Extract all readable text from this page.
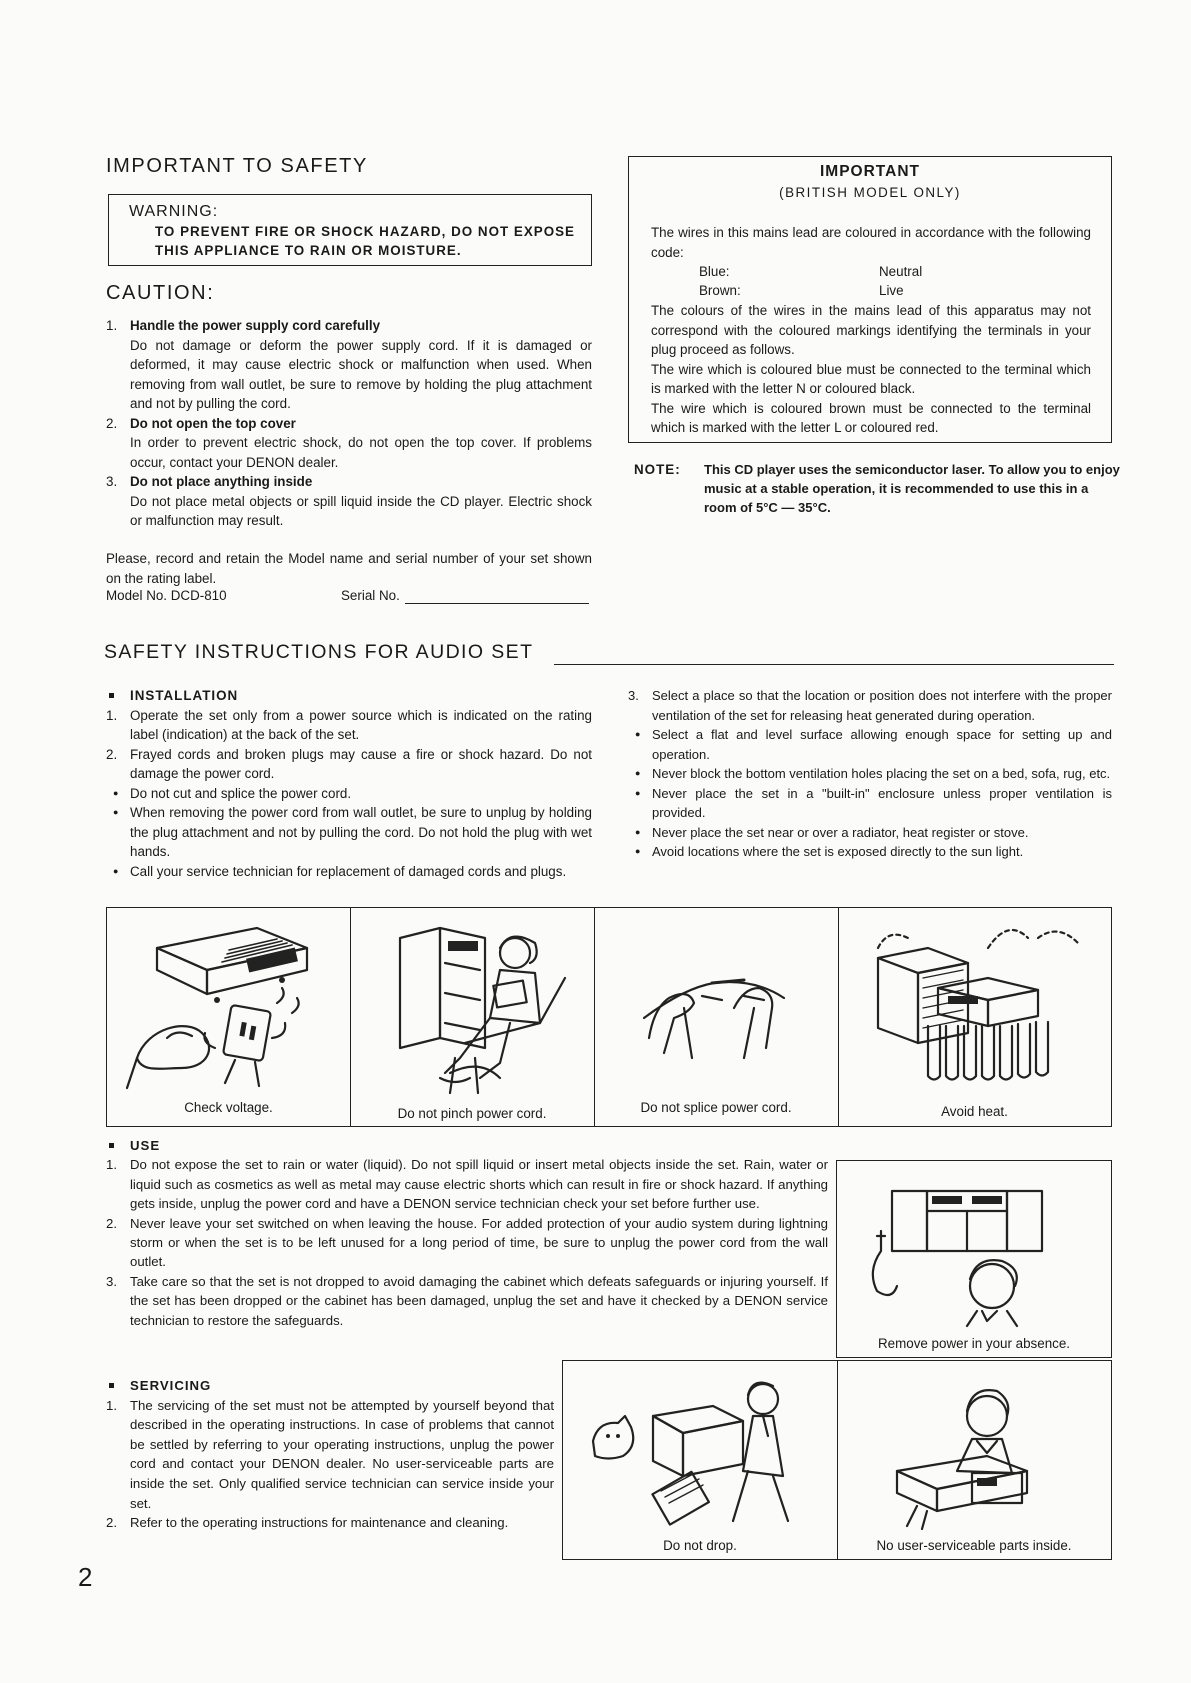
IMPORTANT TO SAFETY
WARNING:
TO PREVENT FIRE OR SHOCK HAZARD, DO NOT EXPOSE THIS APPLIANCE TO RAIN OR MOISTURE.
CAUTION:
1. Handle the power supply cord carefully
Do not damage or deform the power supply cord. If it is damaged or deformed, it may cause electric shock or malfunction when used. When removing from wall outlet, be sure to remove by holding the plug attachment and not by pulling the cord.
2. Do not open the top cover
In order to prevent electric shock, do not open the top cover. If problems occur, contact your DENON dealer.
3. Do not place anything inside
Do not place metal objects or spill liquid inside the CD player. Electric shock or malfunction may result.
Please, record and retain the Model name and serial number of your set shown on the rating label.
Model No. DCD-810	Serial No.
IMPORTANT
(BRITISH MODEL ONLY)
The wires in this mains lead are coloured in accordance with the following code:
Blue:	Neutral
Brown:	Live
The colours of the wires in the mains lead of this apparatus may not correspond with the coloured markings identifying the terminals in your plug proceed as follows.
The wire which is coloured blue must be connected to the terminal which is marked with the letter N or coloured black.
The wire which is coloured brown must be connected to the terminal which is marked with the letter L or coloured red.
NOTE: This CD player uses the semiconductor laser. To allow you to enjoy music at a stable operation, it is recommended to use this in a room of 5°C — 35°C.
SAFETY INSTRUCTIONS FOR AUDIO SET
INSTALLATION
1. Operate the set only from a power source which is indicated on the rating label (indication) at the back of the set.
2. Frayed cords and broken plugs may cause a fire or shock hazard. Do not damage the power cord.
● Do not cut and splice the power cord.
● When removing the power cord from wall outlet, be sure to unplug by holding the plug attachment and not by pulling the cord. Do not hold the plug with wet hands.
● Call your service technician for replacement of damaged cords and plugs.
3. Select a place so that the location or position does not interfere with the proper ventilation of the set for releasing heat generated during operation.
● Select a flat and level surface allowing enough space for setting up and operation.
● Never block the bottom ventilation holes placing the set on a bed, sofa, rug, etc.
● Never place the set in a "built-in" enclosure unless proper ventilation is provided.
● Never place the set near or over a radiator, heat register or stove.
● Avoid locations where the set is exposed directly to the sun light.
Check voltage.	Do not pinch power cord.	Do not splice power cord.	Avoid heat.
USE
1. Do not expose the set to rain or water (liquid). Do not spill liquid or insert metal objects inside the set. Rain, water or liquid such as cosmetics as well as metal may cause electric shorts which can result in fire or shock hazard. If anything gets inside, unplug the power cord and have a DENON service technician check your set before further use.
2. Never leave your set switched on when leaving the house. For added protection of your audio system during lightning storm or when the set is to be left unused for a long period of time, be sure to unplug the power cord from the wall outlet.
3. Take care so that the set is not dropped to avoid damaging the cabinet which defeats safeguards or injuring yourself. If the set has been dropped or the cabinet has been damaged, unplug the set and have it checked by a DENON service technician to restore the safeguards.
Remove power in your absence.
SERVICING
1. The servicing of the set must not be attempted by yourself beyond that described in the operating instructions. In case of problems that cannot be settled by referring to your operating instructions, unplug the power cord and contact your DENON dealer. No user-serviceable parts are inside the set. Only qualified service technician can service inside your set.
2. Refer to the operating instructions for maintenance and cleaning.
Do not drop.	No user-serviceable parts inside.
2
